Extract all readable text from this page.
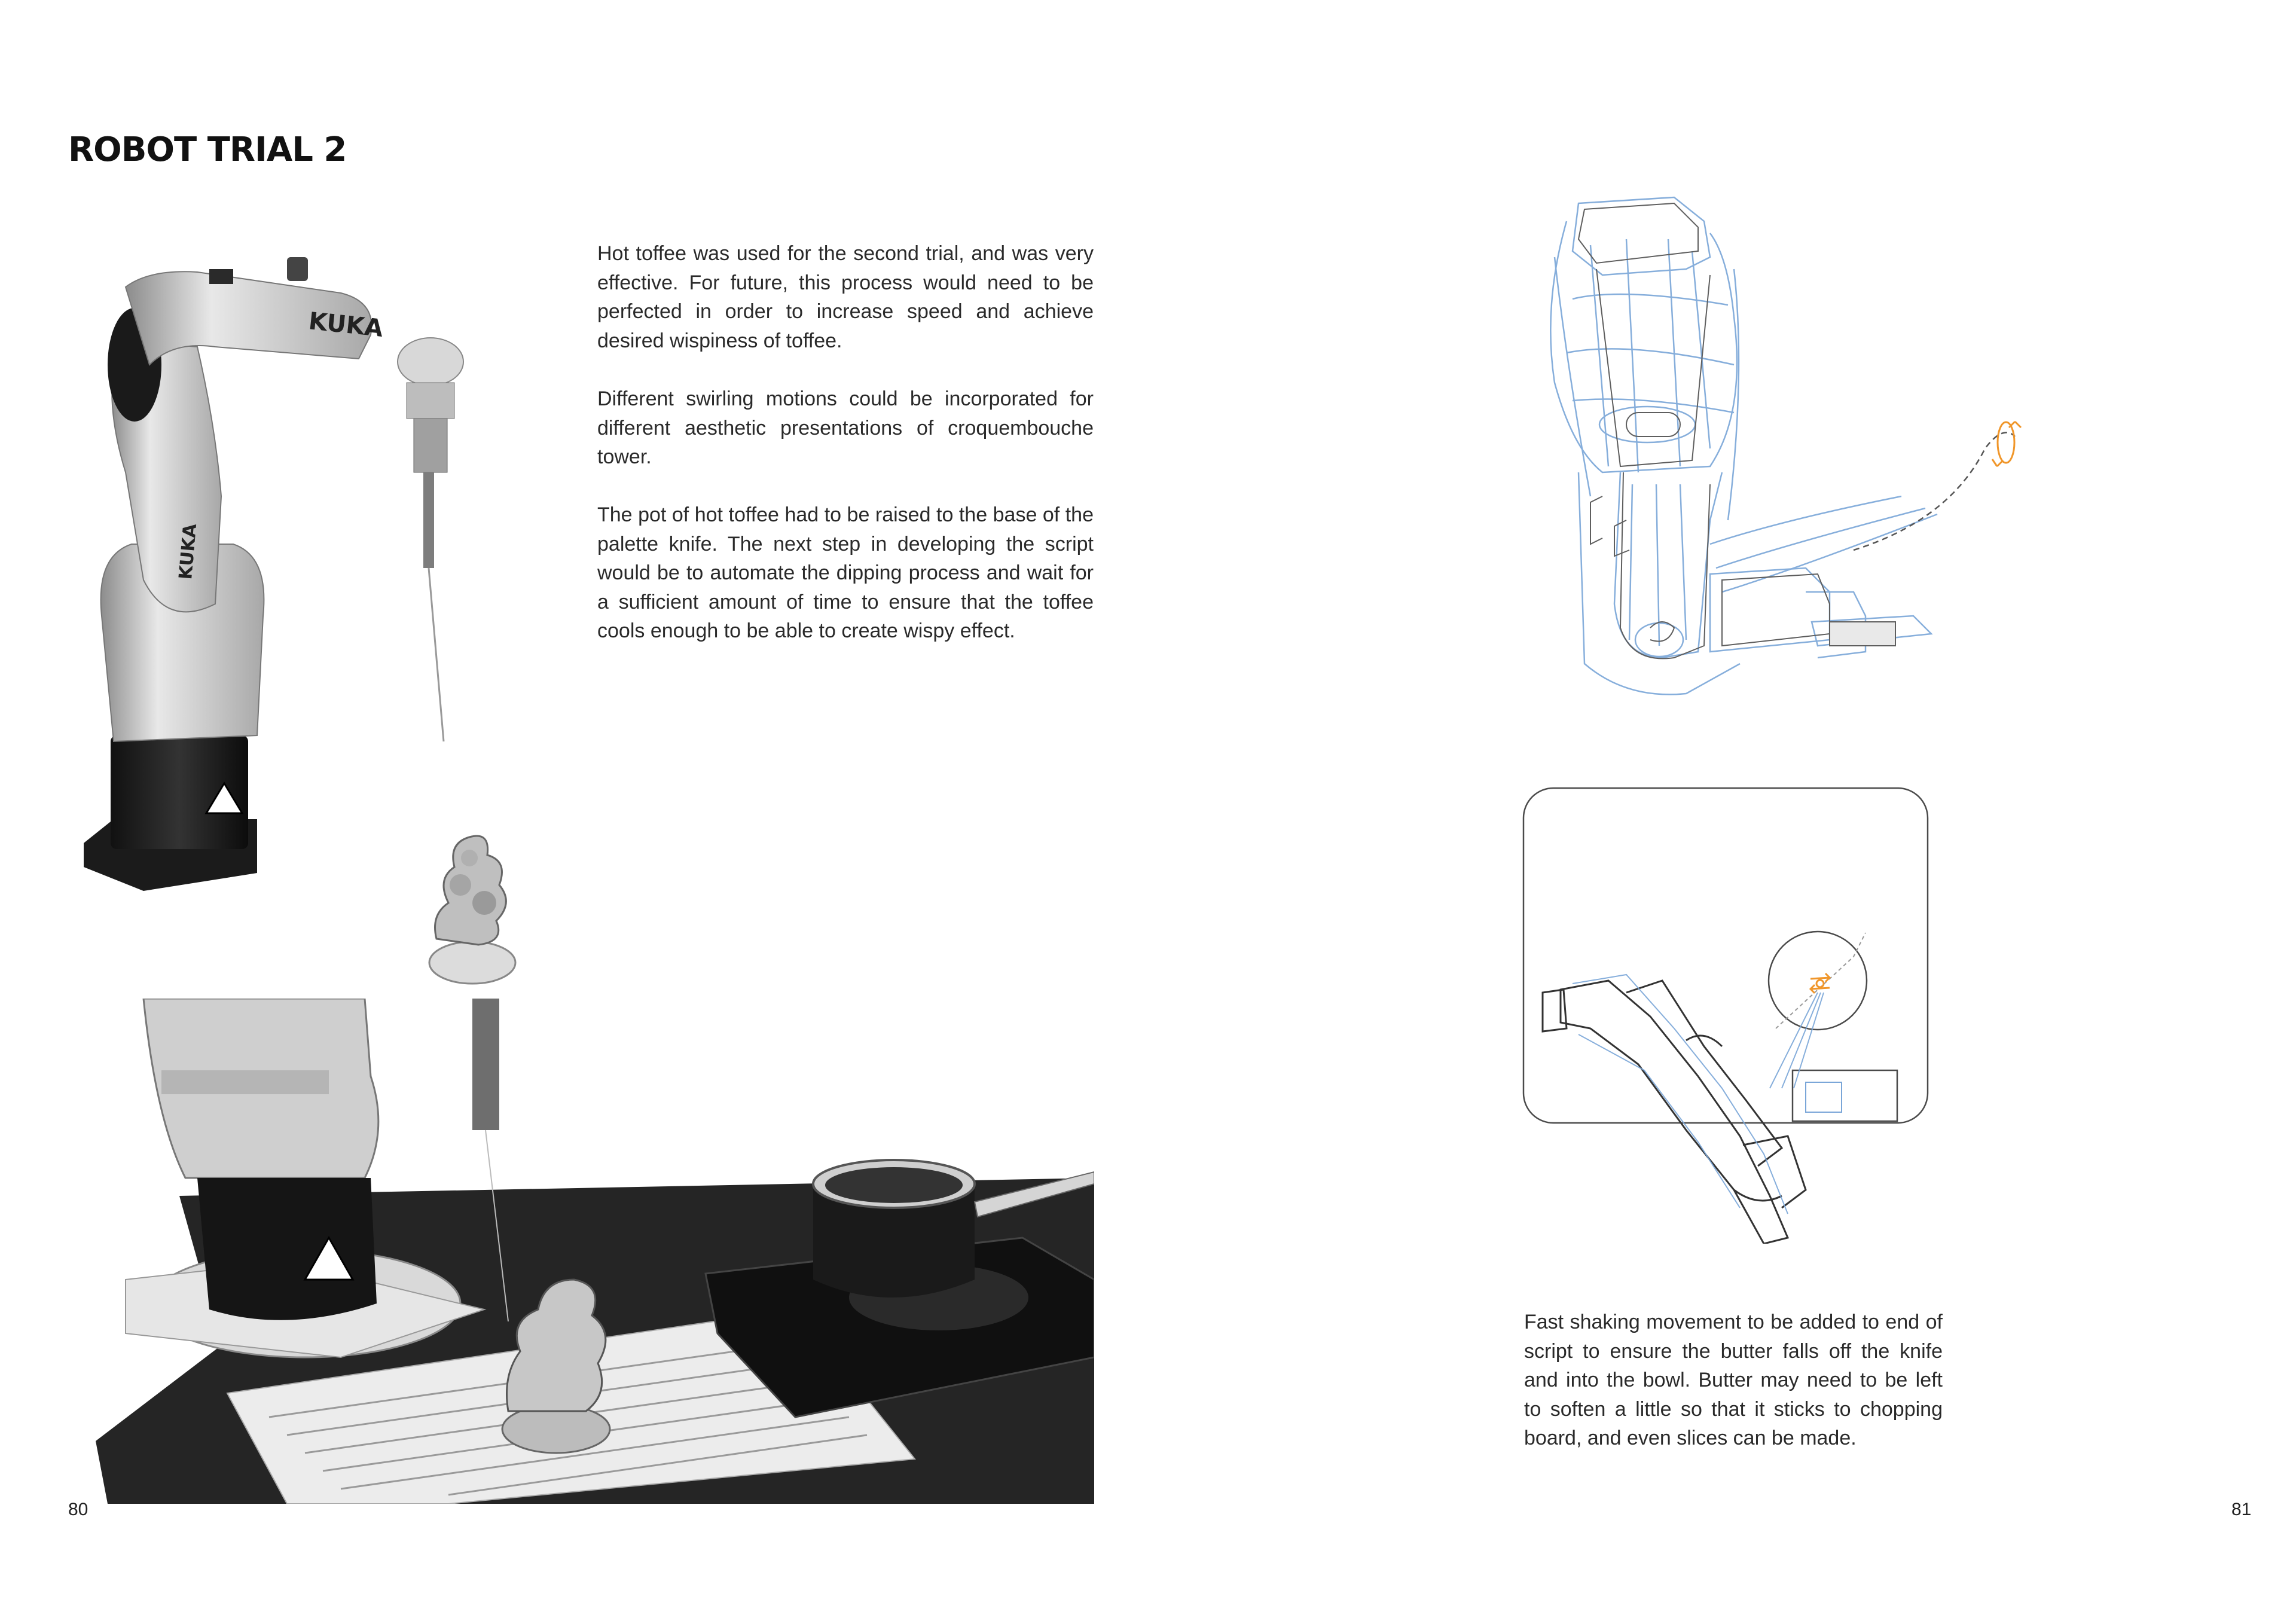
ROBOT TRIAL 2
KUKA
KUKA

Hot toffee was used for the second trial, and was very effective. For future, this process would need to be perfected in order to increase speed and achieve desired wispiness of toffee.

Different swirling motions could be incorporated for different aesthetic presentations of croquembouche tower.

The pot of hot toffee had to be raised to the base of the palette knife. The next step in developing the script would be to automate the dipping process and wait for a sufficient amount of time to ensure that the toffee cools enough to be able to create wispy effect.

80

Fast shaking movement to be added to end of script to ensure the butter falls off the knife and into the bowl. Butter may need to be left to soften a little so that it sticks to chopping board, and even slices can be made.

81
